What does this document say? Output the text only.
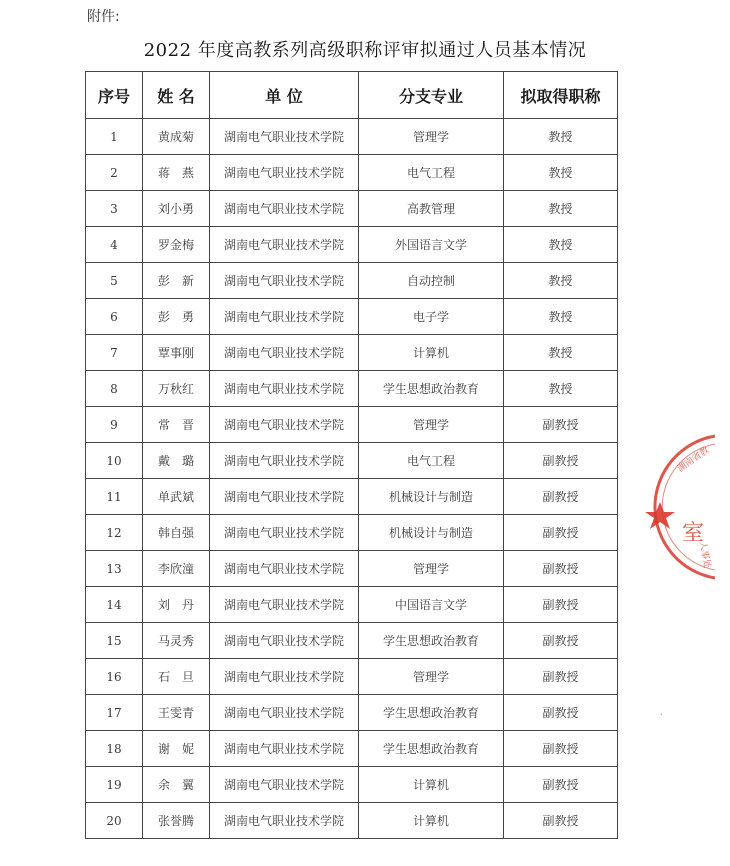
附件:
2022 年度高教系列高级职称评审拟通过人员基本情况
序号	姓 名	单 位	分支专业	拟取得职称
1	黄成菊	湖南电气职业技术学院	管理学	教授
2	蒋　燕	湖南电气职业技术学院	电气工程	教授
3	刘小勇	湖南电气职业技术学院	高教管理	教授
4	罗金梅	湖南电气职业技术学院	外国语言文学	教授
5	彭　新	湖南电气职业技术学院	自动控制	教授
6	彭　勇	湖南电气职业技术学院	电子学	教授
7	覃事刚	湖南电气职业技术学院	计算机	教授
8	万秋红	湖南电气职业技术学院	学生思想政治教育	教授
9	常　晋	湖南电气职业技术学院	管理学	副教授
10	戴　璐	湖南电气职业技术学院	电气工程	副教授
11	单武斌	湖南电气职业技术学院	机械设计与制造	副教授
12	韩自强	湖南电气职业技术学院	机械设计与制造	副教授
13	李欣潼	湖南电气职业技术学院	管理学	副教授
14	刘　丹	湖南电气职业技术学院	中国语言文学	副教授
15	马灵秀	湖南电气职业技术学院	学生思想政治教育	副教授
16	石　旦	湖南电气职业技术学院	管理学	副教授
17	王雯青	湖南电气职业技术学院	学生思想政治教育	副教授
18	谢　妮	湖南电气职业技术学院	学生思想政治教育	副教授
19	余　翼	湖南电气职业技术学院	计算机	副教授
20	张誉腾	湖南电气职业技术学院	计算机	副教授
湖南省教
人事处
室
ˎ
